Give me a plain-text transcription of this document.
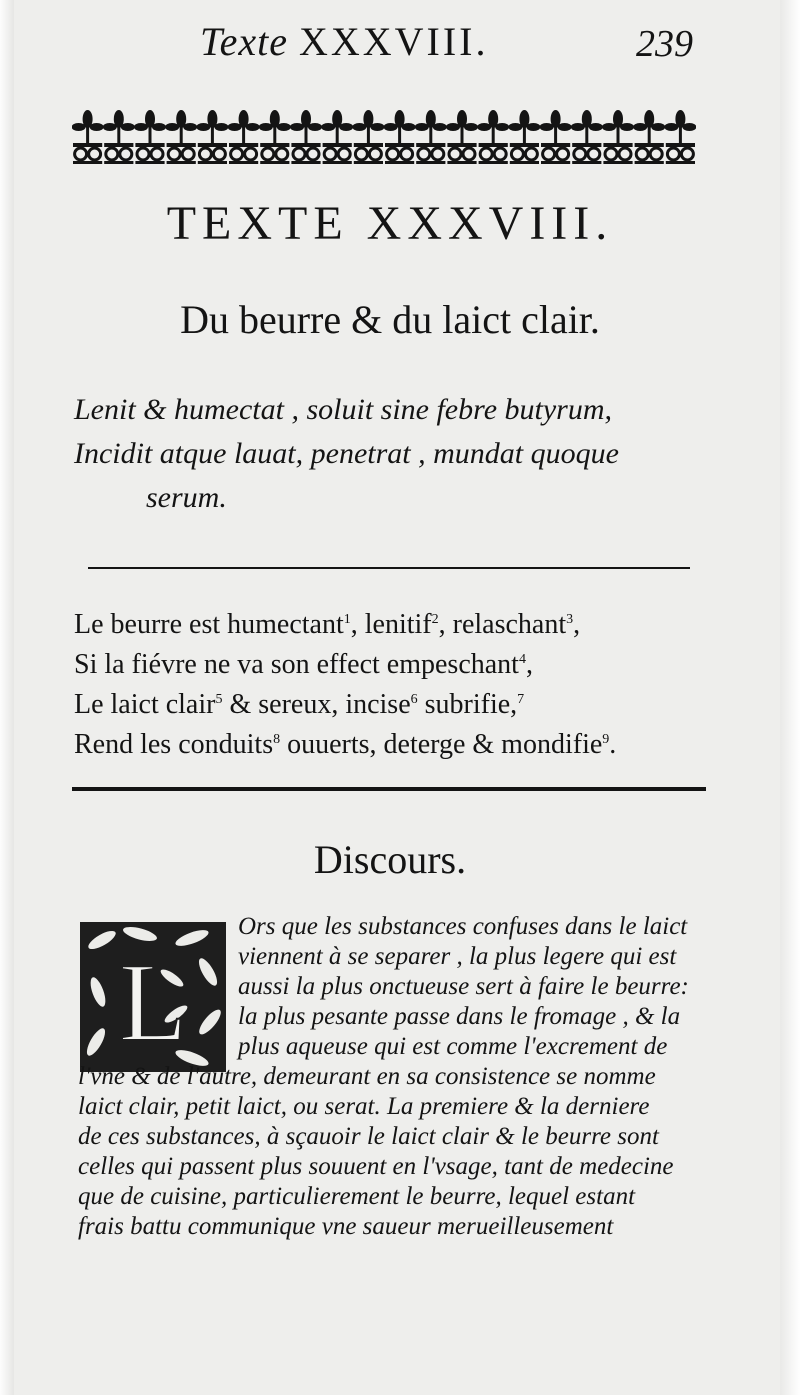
Texte XXXVIII.	239
TEXTE XXXVIII.
Du beurre & du laict clair.
Lenit & humectat , soluit sine febre butyrum,
Incidit atque lauat, penetrat , mundat quoque
serum.
Le beurre est humectant$^1$, lenitif$^2$, relaschant$^3$,
Si la fiévre ne va son effect empeschant$^4$,
Le laict clair$^5$ & sereux, incise$^6$ subrifie,$^7$
Rend les conduits$^8$ ouuerts, deterge & mondifie$^9$.
Discours.
L
Ors que les substances confuses dans le laict
viennent à se separer , la plus legere qui est
aussi la plus onctueuse sert à faire le beurre:
la plus pesante passe dans le fromage , & la
plus aqueuse qui est comme l'excrement de
l'vne & de l'autre, demeurant en sa consistence se nomme
laict clair, petit laict, ou serat. La premiere & la derniere
de ces substances, à sçauoir le laict clair & le beurre sont
celles qui passent plus souuent en l'vsage, tant de medecine
que de cuisine, particulierement le beurre, lequel estant
frais battu communique vne saueur merueilleusement
